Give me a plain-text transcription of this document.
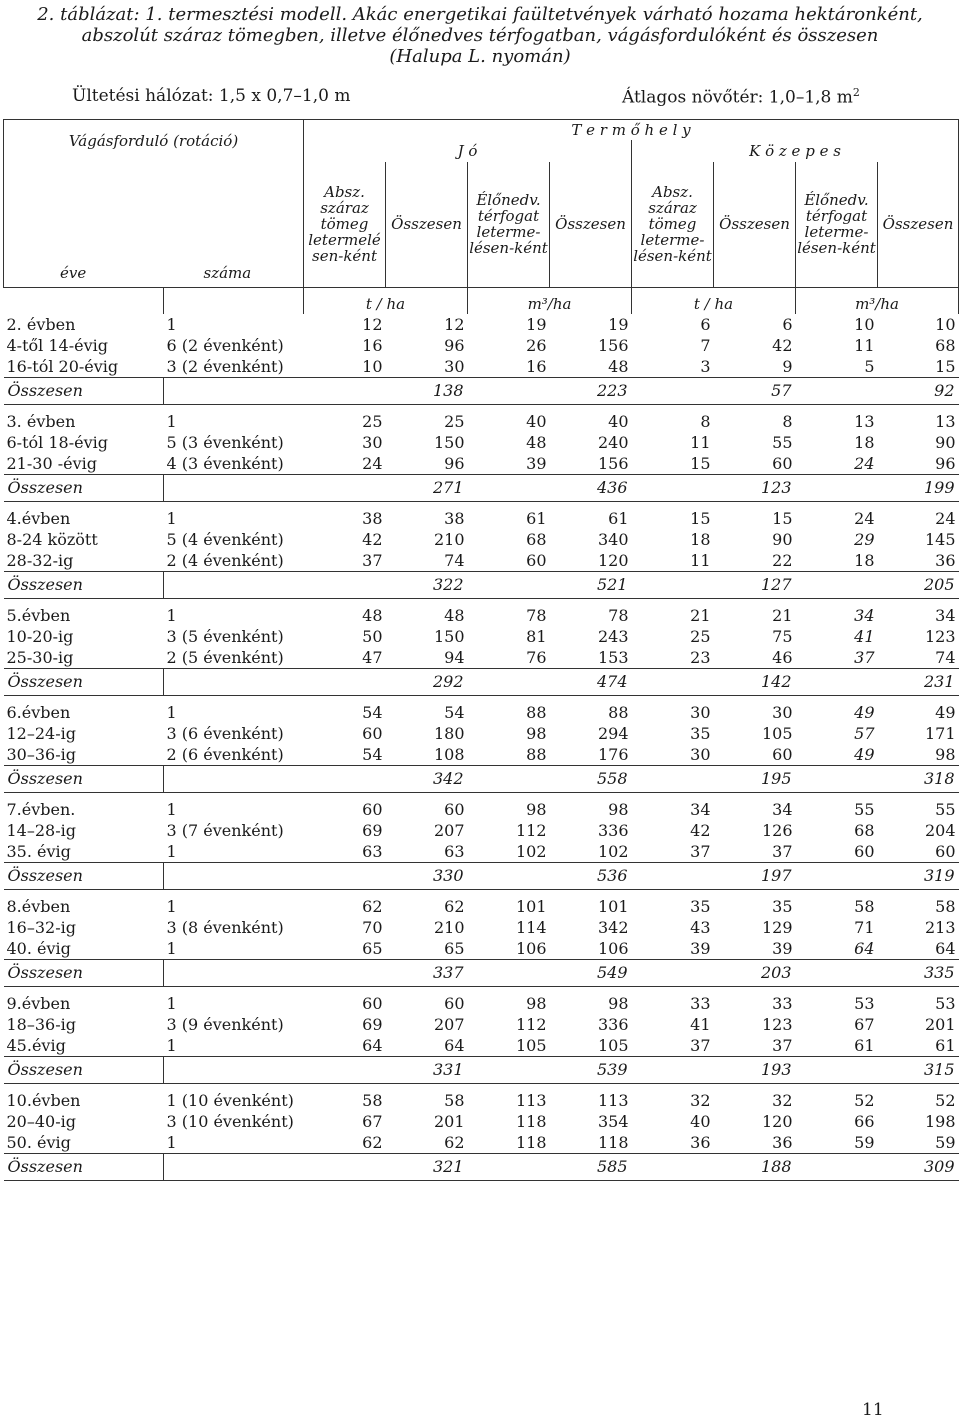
2. táblázat: 1. termesztési modell. Akác energetikai faültetvények várható hozama hektáronként,
abszolút száraz tömegben, illetve élőnedves térfogatban, vágásfordulóként és összesen
(Halupa L. nyomán)
Ültetési hálózat: 1,5 x 0,7–1,0 m	Átlagos növőtér: 1,0–1,8 $m^2$
Vágásforduló (rotáció)		T e r m ő h e l y							
		J ó				K ö z e p e s			
éve	száma	Absz. száraz tömeg letermelé sen-ként	Összesen	Élőnedv. térfogat leterme-lésen-ként	Összesen	Absz. száraz tömeg leterme-lésen-ként	Összesen	Élőnedv. térfogat leterme-lésen-ként	Összesen
		t / ha		m³/ha		t / ha		m³/ha	
2. évben	1	12	12	19	19	6	6	10	10
4-től 14-évig	6 (2 évenként)	16	96	26	156	7	42	11	68
16-tól 20-évig	3 (2 évenként)	10	30	16	48	3	9	5	15
Összesen		138		223		57		92	

3. évben	1	25	25	40	40	8	8	13	13
6-tól 18-évig	5 (3 évenként)	30	150	48	240	11	55	18	90
21-30 -évig	4 (3 évenként)	24	96	39	156	15	60	24	96
Összesen		271		436		123		199	

4.évben	1	38	38	61	61	15	15	24	24
8-24 között	5 (4 évenként)	42	210	68	340	18	90	29	145
28-32-ig	2 (4 évenként)	37	74	60	120	11	22	18	36
Összesen		322		521		127		205	

5.évben	1	48	48	78	78	21	21	34	34
10-20-ig	3 (5 évenként)	50	150	81	243	25	75	41	123
25-30-ig	2 (5 évenként)	47	94	76	153	23	46	37	74
Összesen		292		474		142		231	

6.évben	1	54	54	88	88	30	30	49	49
12–24-ig	3 (6 évenként)	60	180	98	294	35	105	57	171
30–36-ig	2 (6 évenként)	54	108	88	176	30	60	49	98
Összesen		342		558		195		318	

7.évben.	1	60	60	98	98	34	34	55	55
14–28-ig	3 (7 évenként)	69	207	112	336	42	126	68	204
35. évig	1	63	63	102	102	37	37	60	60
Összesen		330		536		197		319	

8.évben	1	62	62	101	101	35	35	58	58
16–32-ig	3 (8 évenként)	70	210	114	342	43	129	71	213
40. évig	1	65	65	106	106	39	39	64	64
Összesen		337		549		203		335	

9.évben	1	60	60	98	98	33	33	53	53
18–36-ig	3 (9 évenként)	69	207	112	336	41	123	67	201
45.évig	1	64	64	105	105	37	37	61	61
Összesen		331		539		193		315	

10.évben	1 (10 évenként)	58	58	113	113	32	32	52	52
20–40-ig	3 (10 évenként)	67	201	118	354	40	120	66	198
50. évig	1	62	62	118	118	36	36	59	59
Összesen		321		585		188		309	
11
